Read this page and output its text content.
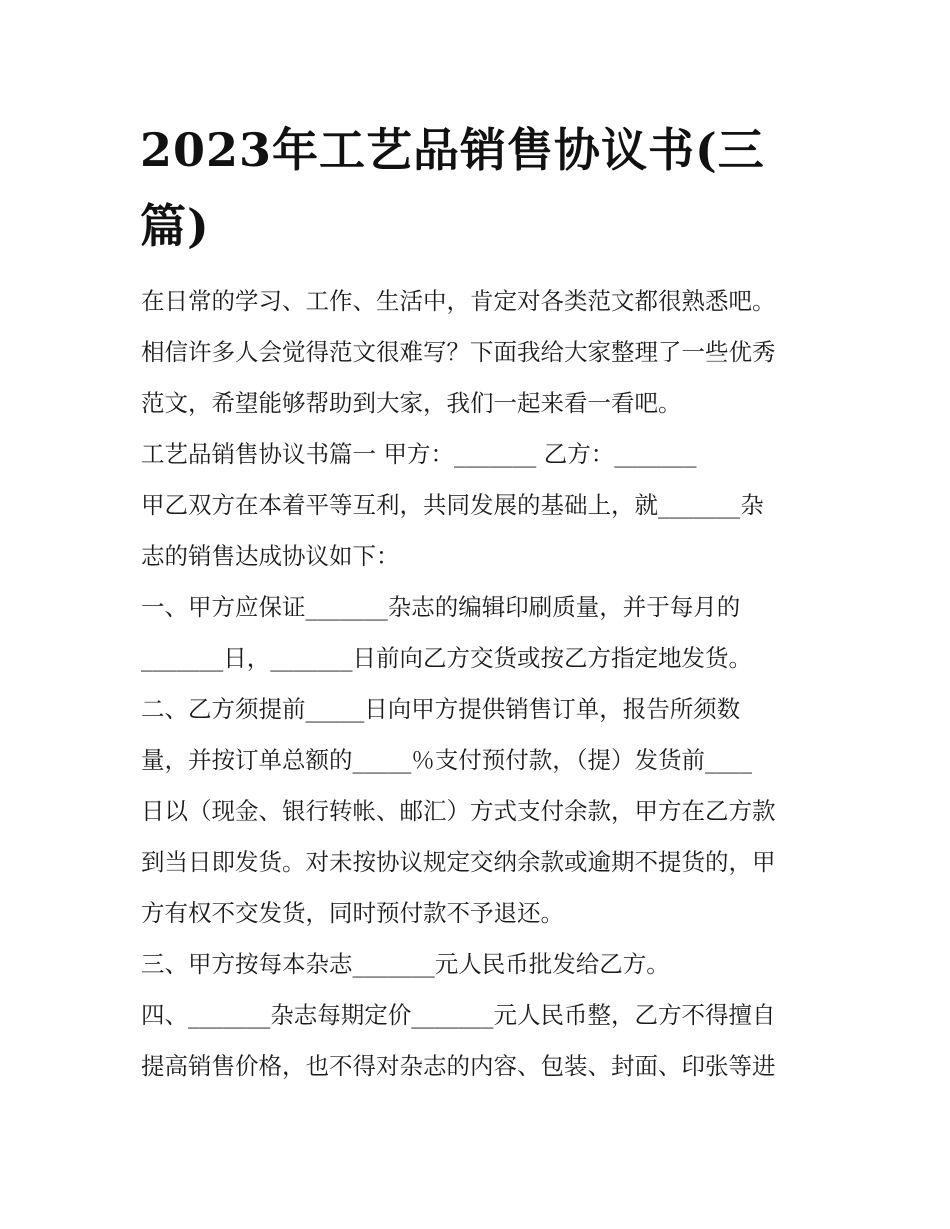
2023年工艺品销售协议书(三
篇)

在日常的学习、工作、生活中，肯定对各类范文都很熟悉吧。

相信许多人会觉得范文很难写？下面我给大家整理了一些优秀

范文，希望能够帮助到大家，我们一起来看一看吧。

工艺品销售协议书篇一 甲方：_______ 乙方：_______

甲乙双方在本着平等互利，共同发展的基础上，就_______杂

志的销售达成协议如下：

一、甲方应保证_______杂志的编辑印刷质量，并于每月的

_______日，_______日前向乙方交货或按乙方指定地发货。

二、乙方须提前_____日向甲方提供销售订单，报告所须数

量，并按订单总额的_____％支付预付款，（提）发货前____

日以（现金、银行转帐、邮汇）方式支付余款，甲方在乙方款

到当日即发货。对未按协议规定交纳余款或逾期不提货的，甲

方有权不交发货，同时预付款不予退还。

三、甲方按每本杂志_______元人民币批发给乙方。

四、_______杂志每期定价_______元人民币整，乙方不得擅自

提高销售价格，也不得对杂志的内容、包装、封面、印张等进
